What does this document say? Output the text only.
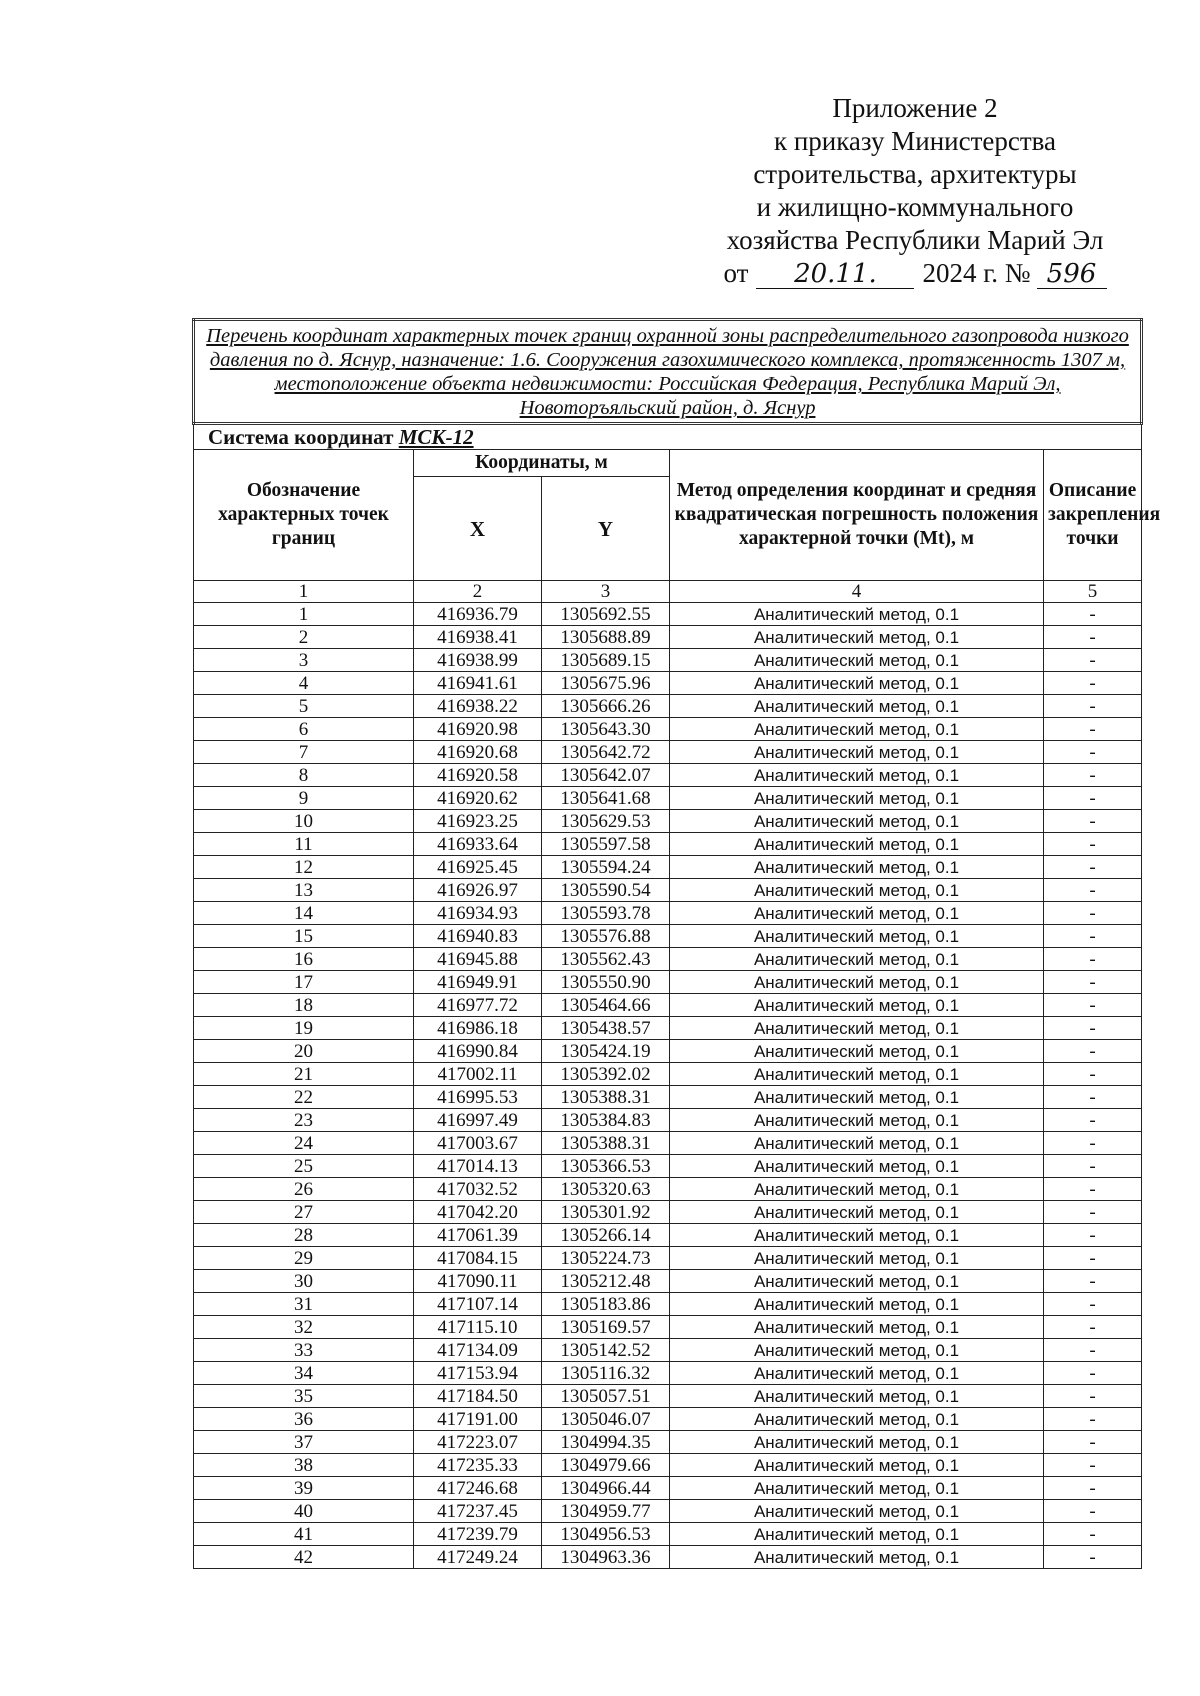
Приложение 2
к приказу Министерства
строительства, архитектуры
и жилищно-коммунального
хозяйства Республики Марий Эл
от	20.11.	2024 г. № 596
Перечень координат характерных точек границ охранной зоны распределительного газопровода низкого давления по д. Яснур, назначение: 1.6. Сооружения газохимического комплекса, протяженность 1307 м, местоположение объекта недвижимости: Российская Федерация, Республика Марий Эл, Новоторъяльский район, д. Яснур				
Система координат МСК-12				
Обозначение характерных точек границ	Координаты, м		Метод определения координат и средняя квадратическая погрешность положения характерной точки (Mt), м	Описание закрепления точки
	X	Y		
1	2	3	4	5
1	416936.79	1305692.55	Аналитический метод, 0.1	-
2	416938.41	1305688.89	Аналитический метод, 0.1	-
3	416938.99	1305689.15	Аналитический метод, 0.1	-
4	416941.61	1305675.96	Аналитический метод, 0.1	-
5	416938.22	1305666.26	Аналитический метод, 0.1	-
6	416920.98	1305643.30	Аналитический метод, 0.1	-
7	416920.68	1305642.72	Аналитический метод, 0.1	-
8	416920.58	1305642.07	Аналитический метод, 0.1	-
9	416920.62	1305641.68	Аналитический метод, 0.1	-
10	416923.25	1305629.53	Аналитический метод, 0.1	-
11	416933.64	1305597.58	Аналитический метод, 0.1	-
12	416925.45	1305594.24	Аналитический метод, 0.1	-
13	416926.97	1305590.54	Аналитический метод, 0.1	-
14	416934.93	1305593.78	Аналитический метод, 0.1	-
15	416940.83	1305576.88	Аналитический метод, 0.1	-
16	416945.88	1305562.43	Аналитический метод, 0.1	-
17	416949.91	1305550.90	Аналитический метод, 0.1	-
18	416977.72	1305464.66	Аналитический метод, 0.1	-
19	416986.18	1305438.57	Аналитический метод, 0.1	-
20	416990.84	1305424.19	Аналитический метод, 0.1	-
21	417002.11	1305392.02	Аналитический метод, 0.1	-
22	416995.53	1305388.31	Аналитический метод, 0.1	-
23	416997.49	1305384.83	Аналитический метод, 0.1	-
24	417003.67	1305388.31	Аналитический метод, 0.1	-
25	417014.13	1305366.53	Аналитический метод, 0.1	-
26	417032.52	1305320.63	Аналитический метод, 0.1	-
27	417042.20	1305301.92	Аналитический метод, 0.1	-
28	417061.39	1305266.14	Аналитический метод, 0.1	-
29	417084.15	1305224.73	Аналитический метод, 0.1	-
30	417090.11	1305212.48	Аналитический метод, 0.1	-
31	417107.14	1305183.86	Аналитический метод, 0.1	-
32	417115.10	1305169.57	Аналитический метод, 0.1	-
33	417134.09	1305142.52	Аналитический метод, 0.1	-
34	417153.94	1305116.32	Аналитический метод, 0.1	-
35	417184.50	1305057.51	Аналитический метод, 0.1	-
36	417191.00	1305046.07	Аналитический метод, 0.1	-
37	417223.07	1304994.35	Аналитический метод, 0.1	-
38	417235.33	1304979.66	Аналитический метод, 0.1	-
39	417246.68	1304966.44	Аналитический метод, 0.1	-
40	417237.45	1304959.77	Аналитический метод, 0.1	-
41	417239.79	1304956.53	Аналитический метод, 0.1	-
42	417249.24	1304963.36	Аналитический метод, 0.1	-
